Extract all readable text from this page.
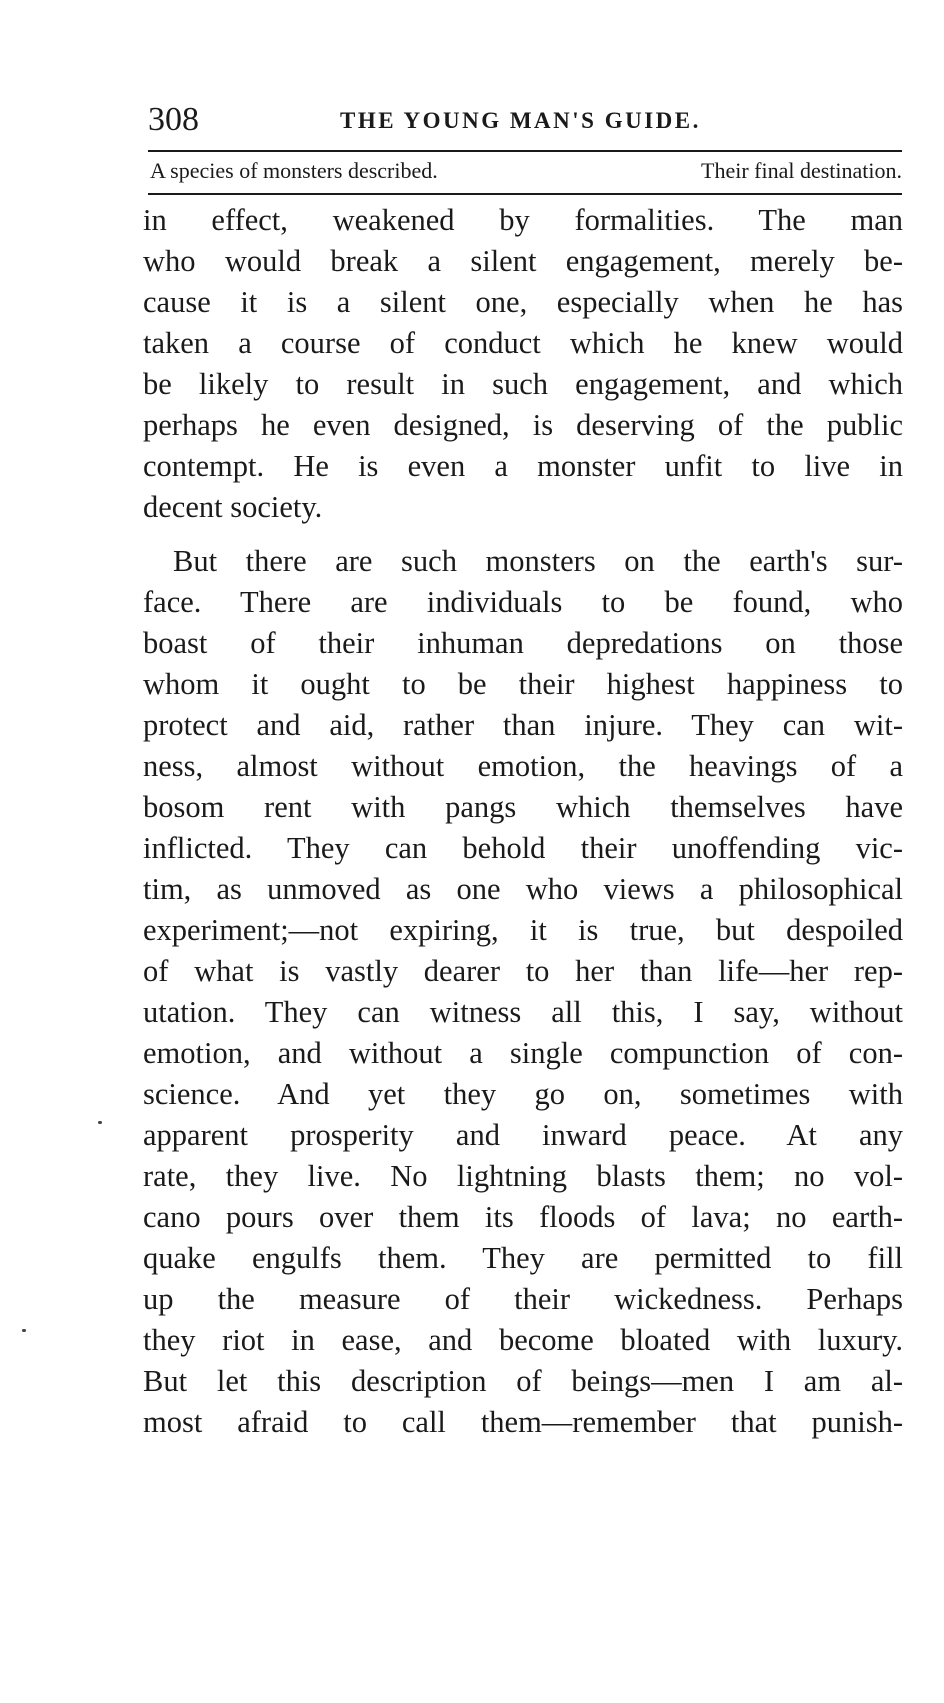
308	THE YOUNG MAN'S GUIDE.
A species of monsters described.	Their final destination.
in effect, weakened by formalities. The man
who would break a silent engagement, merely be-
cause it is a silent one, especially when he has
taken a course of conduct which he knew would
be likely to result in such engagement, and which
perhaps he even designed, is deserving of the public
contempt. He is even a monster unfit to live in
decent society.
But there are such monsters on the earth's sur-
face. There are individuals to be found, who
boast of their inhuman depredations on those
whom it ought to be their highest happiness to
protect and aid, rather than injure. They can wit-
ness, almost without emotion, the heavings of a
bosom rent with pangs which themselves have
inflicted. They can behold their unoffending vic-
tim, as unmoved as one who views a philosophical
experiment;—not expiring, it is true, but despoiled
of what is vastly dearer to her than life—her rep-
utation. They can witness all this, I say, without
emotion, and without a single compunction of con-
science. And yet they go on, sometimes with
apparent prosperity and inward peace. At any
rate, they live. No lightning blasts them; no vol-
cano pours over them its floods of lava; no earth-
quake engulfs them. They are permitted to fill
up the measure of their wickedness. Perhaps
they riot in ease, and become bloated with luxury.
But let this description of beings—men I am al-
most afraid to call them—remember that punish-
